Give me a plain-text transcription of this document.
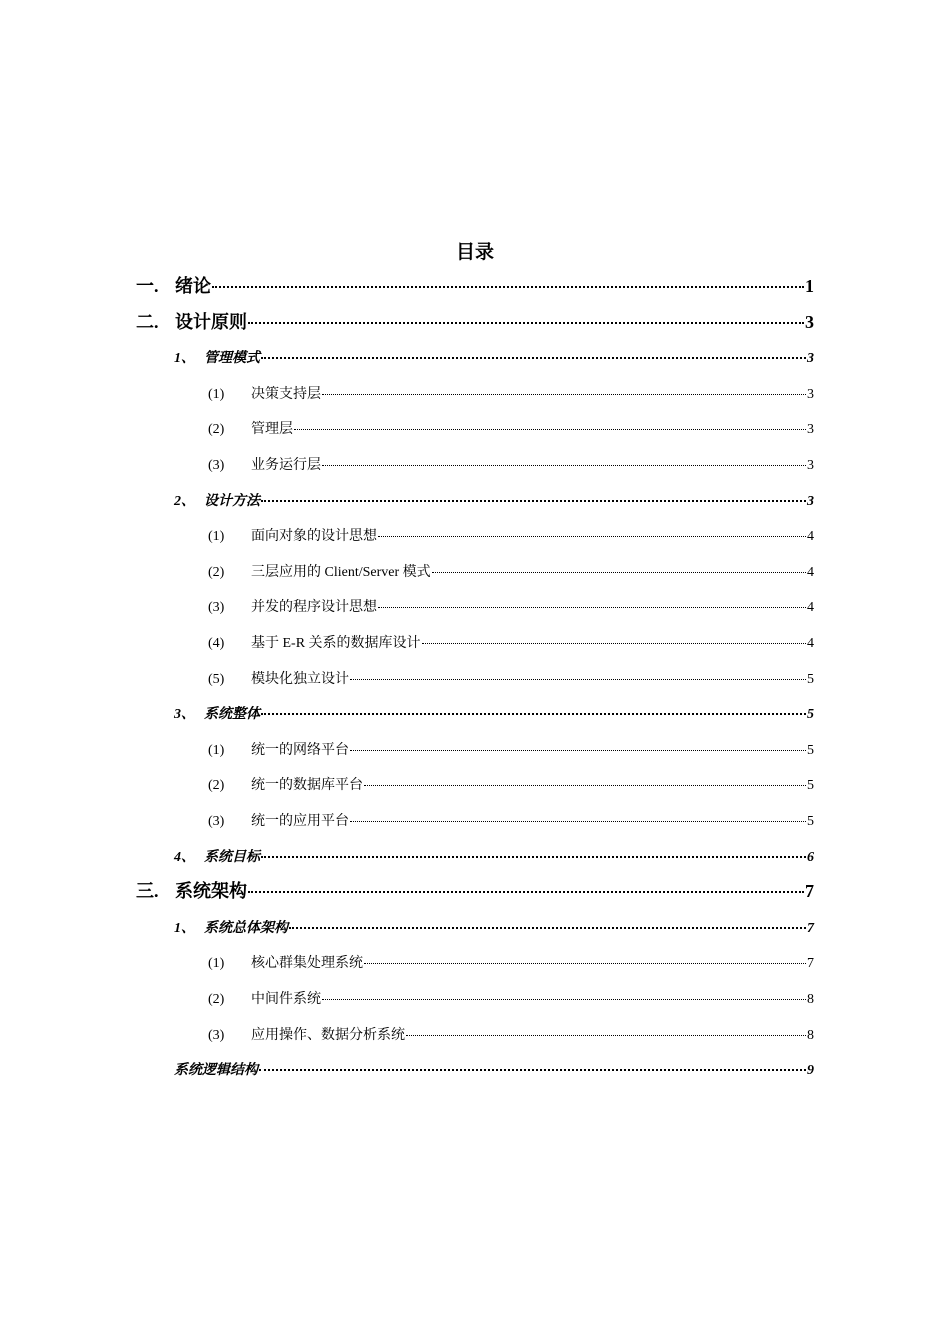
目录
一. 绪论	1
二. 设计原则	3
1、 管理模式	3
(1)	决策支持层	3
(2)	管理层	3
(3)	业务运行层	3
2、 设计方法	3
(1)	面向对象的设计思想	4
(2)	三层应用的 Client/Server 模式	4
(3)	并发的程序设计思想	4
(4)	基于 E-R 关系的数据库设计	4
(5)	模块化独立设计	5
3、 系统整体	5
(1)	统一的网络平台	5
(2)	统一的数据库平台	5
(3)	统一的应用平台	5
4、 系统目标	6
三. 系统架构	7
1、 系统总体架构	7
(1)	核心群集处理系统	7
(2)	中间件系统	8
(3)	应用操作、数据分析系统	8
系统逻辑结构	9
